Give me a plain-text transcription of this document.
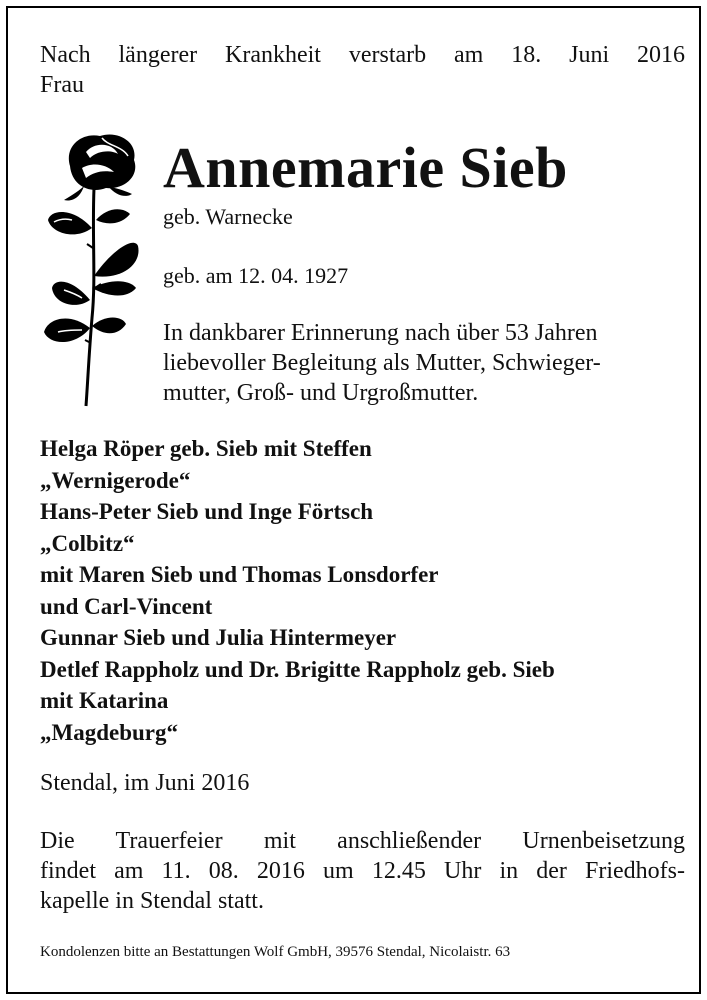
Nach längerer Krankheit verstarb am 18. Juni 2016
Frau
Annemarie Sieb
geb. Warnecke
geb. am 12. 04. 1927
In dankbarer Erinnerung nach über 53 Jahren
liebevoller Begleitung als Mutter, Schwieger-
mutter, Groß- und Urgroßmutter.
Helga Röper geb. Sieb mit Steffen
„Wernigerode“
Hans-Peter Sieb und Inge Förtsch
„Colbitz“
mit Maren Sieb und Thomas Lonsdorfer
und Carl-Vincent
Gunnar Sieb und Julia Hintermeyer
Detlef Rappholz und Dr. Brigitte Rappholz geb. Sieb
mit Katarina
„Magdeburg“
Stendal, im Juni 2016
Die Trauerfeier mit anschließender Urnenbeisetzung
findet am 11. 08. 2016 um 12.45 Uhr in der Friedhofs-
kapelle in Stendal statt.
Kondolenzen bitte an Bestattungen Wolf GmbH, 39576 Stendal, Nicolaistr. 63
